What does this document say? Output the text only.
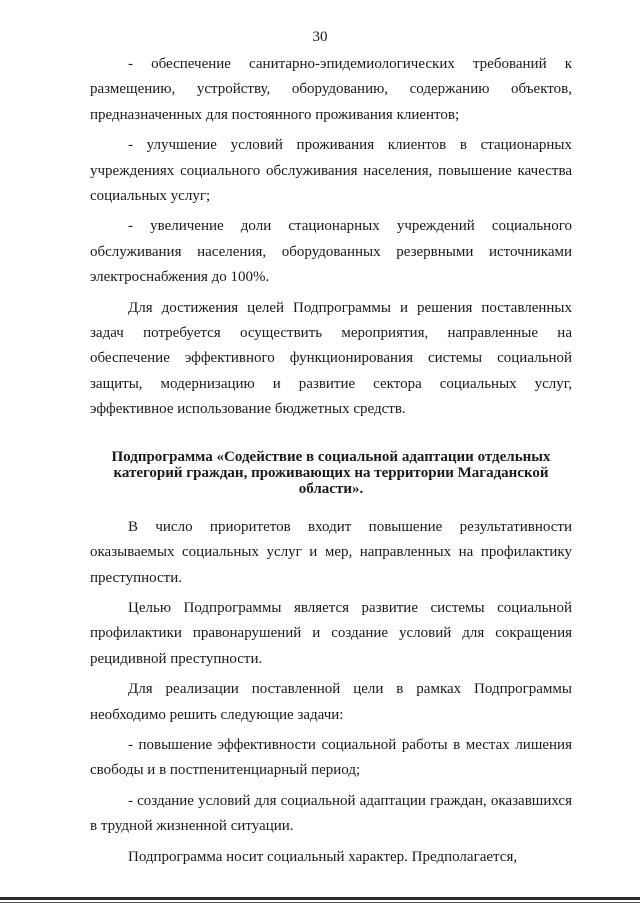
30

- обеспечение санитарно-эпидемиологических требований к размещению, устройству, оборудованию, содержанию объектов, предназначенных для постоянного проживания клиентов;

- улучшение условий проживания клиентов в стационарных учреждениях социального обслуживания населения, повышение качества социальных услуг;

- увеличение доли стационарных учреждений социального обслуживания населения, оборудованных резервными источниками электроснабжения до 100%.

Для достижения целей Подпрограммы и решения поставленных задач потребуется осуществить мероприятия, направленные на обеспечение эффективного функционирования системы социальной защиты, модернизацию и развитие сектора социальных услуг, эффективное использование бюджетных средств.

Подпрограмма «Содействие в социальной адаптации отдельных категорий граждан, проживающих на территории Магаданской области».

В число приоритетов входит повышение результативности оказываемых социальных услуг и мер, направленных на профилактику преступности.

Целью Подпрограммы является развитие системы социальной профилактики правонарушений и создание условий для сокращения рецидивной преступности.

Для реализации поставленной цели в рамках Подпрограммы необходимо решить следующие задачи:

- повышение эффективности социальной работы в местах лишения свободы и в постпенитенциарный период;

- создание условий для социальной адаптации граждан, оказавшихся в трудной жизненной ситуации.

Подпрограмма носит социальный характер. Предполагается,
